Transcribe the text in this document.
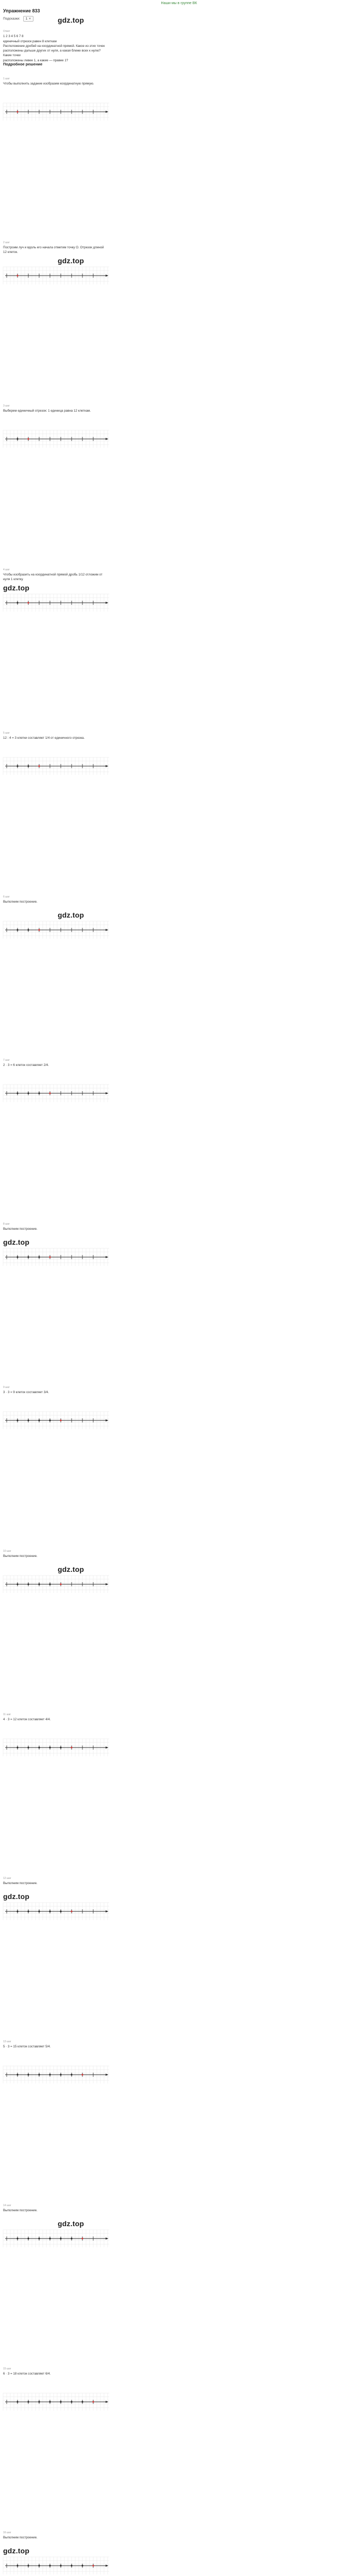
Наши мы в группе ВК
Упражнение 833
gdz.top
Подсказки: 1 ▾
Ответ
1 2 3 4 5 6 7 8
единичный отрезок равен 8 клеткам
Расположение дробей на координатной прямой. Какое из этих точек
расположены дальше других от нуля, а какая ближе всех к нулю? Какие точки
расположены левее 1, а какие — правее 1?
Подробное решение
1 шаг
Чтобы выполнить задание изобразим координатную прямую.
2 шаг
Построим луч и вдоль его начала отметим точку O. Отрезок длиной 12 клеток.
gdz.top
3 шаг
Выберем единичный отрезок: 1 единица равна 12 клеткам.
4 шаг
Чтобы изобразить на координатной прямой дробь 1/12 отложим от нуля 1 клетку.
gdz.top
5 шаг
12 : 4 = 3 клетки составляет 1/4 от единичного отрезка.
6 шаг
Выполним построение.
gdz.top
7 шаг
2 · 3 = 6 клеток составляет 2/4.
8 шаг
Выполним построение.
gdz.top
9 шаг
3 · 3 = 9 клеток составляет 3/4.
10 шаг
Выполним построение.
gdz.top
11 шаг
4 · 3 = 12 клеток составляет 4/4.
12 шаг
Выполним построение.
gdz.top
13 шаг
5 · 3 = 15 клеток составляет 5/4.
14 шаг
Выполним построение.
gdz.top
15 шаг
6 · 3 = 18 клеток составляет 6/4.
16 шаг
Выполним построение.
gdz.top
